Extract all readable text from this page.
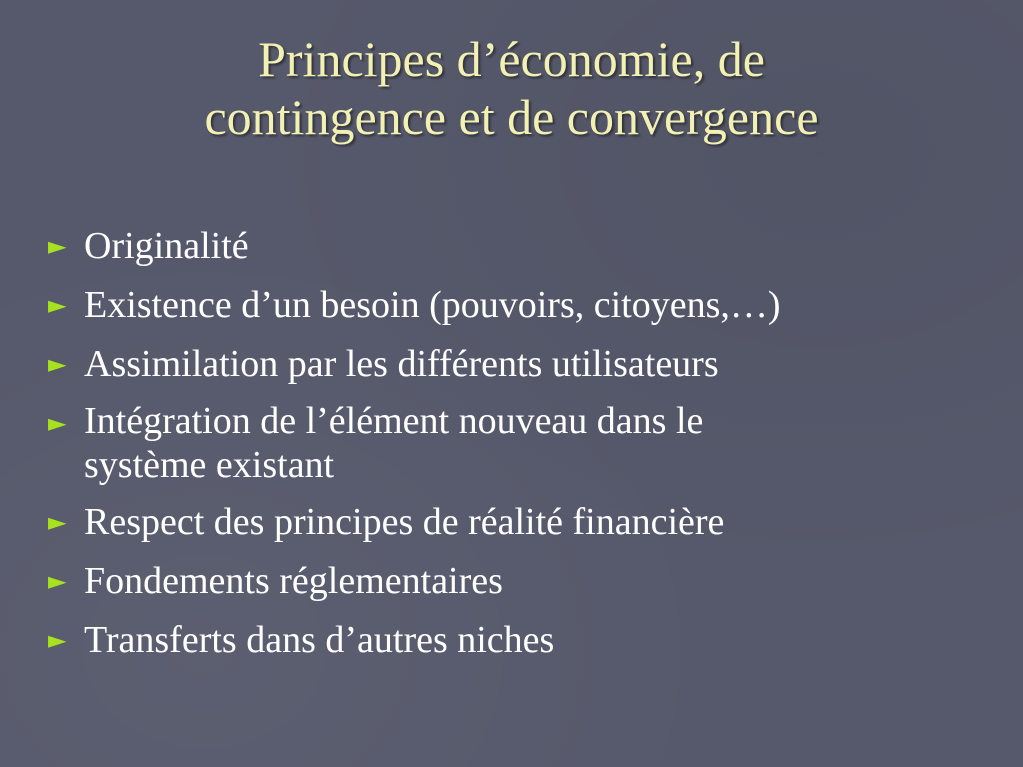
Principes d’économie, de
contingence et de convergence
► Originalité
► Existence d’un besoin (pouvoirs, citoyens,…)
► Assimilation par les différents utilisateurs
► Intégration de l’élément nouveau dans le
système existant
► Respect des principes de réalité financière
► Fondements réglementaires
► Transferts dans d’autres niches
